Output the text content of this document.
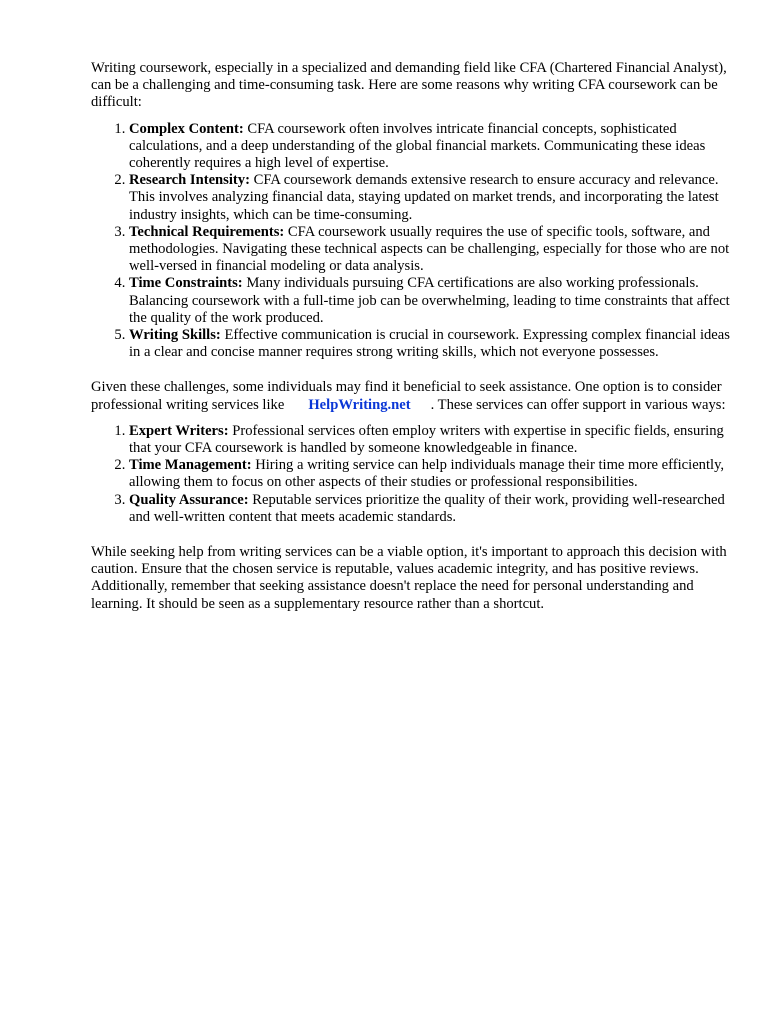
Writing coursework, especially in a specialized and demanding field like CFA (Chartered Financial Analyst), can be a challenging and time-consuming task. Here are some reasons why writing CFA coursework can be difficult:

1. Complex Content: CFA coursework often involves intricate financial concepts, sophisticated calculations, and a deep understanding of the global financial markets. Communicating these ideas coherently requires a high level of expertise.
2. Research Intensity: CFA coursework demands extensive research to ensure accuracy and relevance. This involves analyzing financial data, staying updated on market trends, and incorporating the latest industry insights, which can be time-consuming.
3. Technical Requirements: CFA coursework usually requires the use of specific tools, software, and methodologies. Navigating these technical aspects can be challenging, especially for those who are not well-versed in financial modeling or data analysis.
4. Time Constraints: Many individuals pursuing CFA certifications are also working professionals. Balancing coursework with a full-time job can be overwhelming, leading to time constraints that affect the quality of the work produced.
5. Writing Skills: Effective communication is crucial in coursework. Expressing complex financial ideas in a clear and concise manner requires strong writing skills, which not everyone possesses.

Given these challenges, some individuals may find it beneficial to seek assistance. One option is to consider professional writing services like HelpWriting.net . These services can offer support in various ways:

1. Expert Writers: Professional services often employ writers with expertise in specific fields, ensuring that your CFA coursework is handled by someone knowledgeable in finance.
2. Time Management: Hiring a writing service can help individuals manage their time more efficiently, allowing them to focus on other aspects of their studies or professional responsibilities.
3. Quality Assurance: Reputable services prioritize the quality of their work, providing well-researched and well-written content that meets academic standards.

While seeking help from writing services can be a viable option, it's important to approach this decision with caution. Ensure that the chosen service is reputable, values academic integrity, and has positive reviews. Additionally, remember that seeking assistance doesn't replace the need for personal understanding and learning. It should be seen as a supplementary resource rather than a shortcut.
